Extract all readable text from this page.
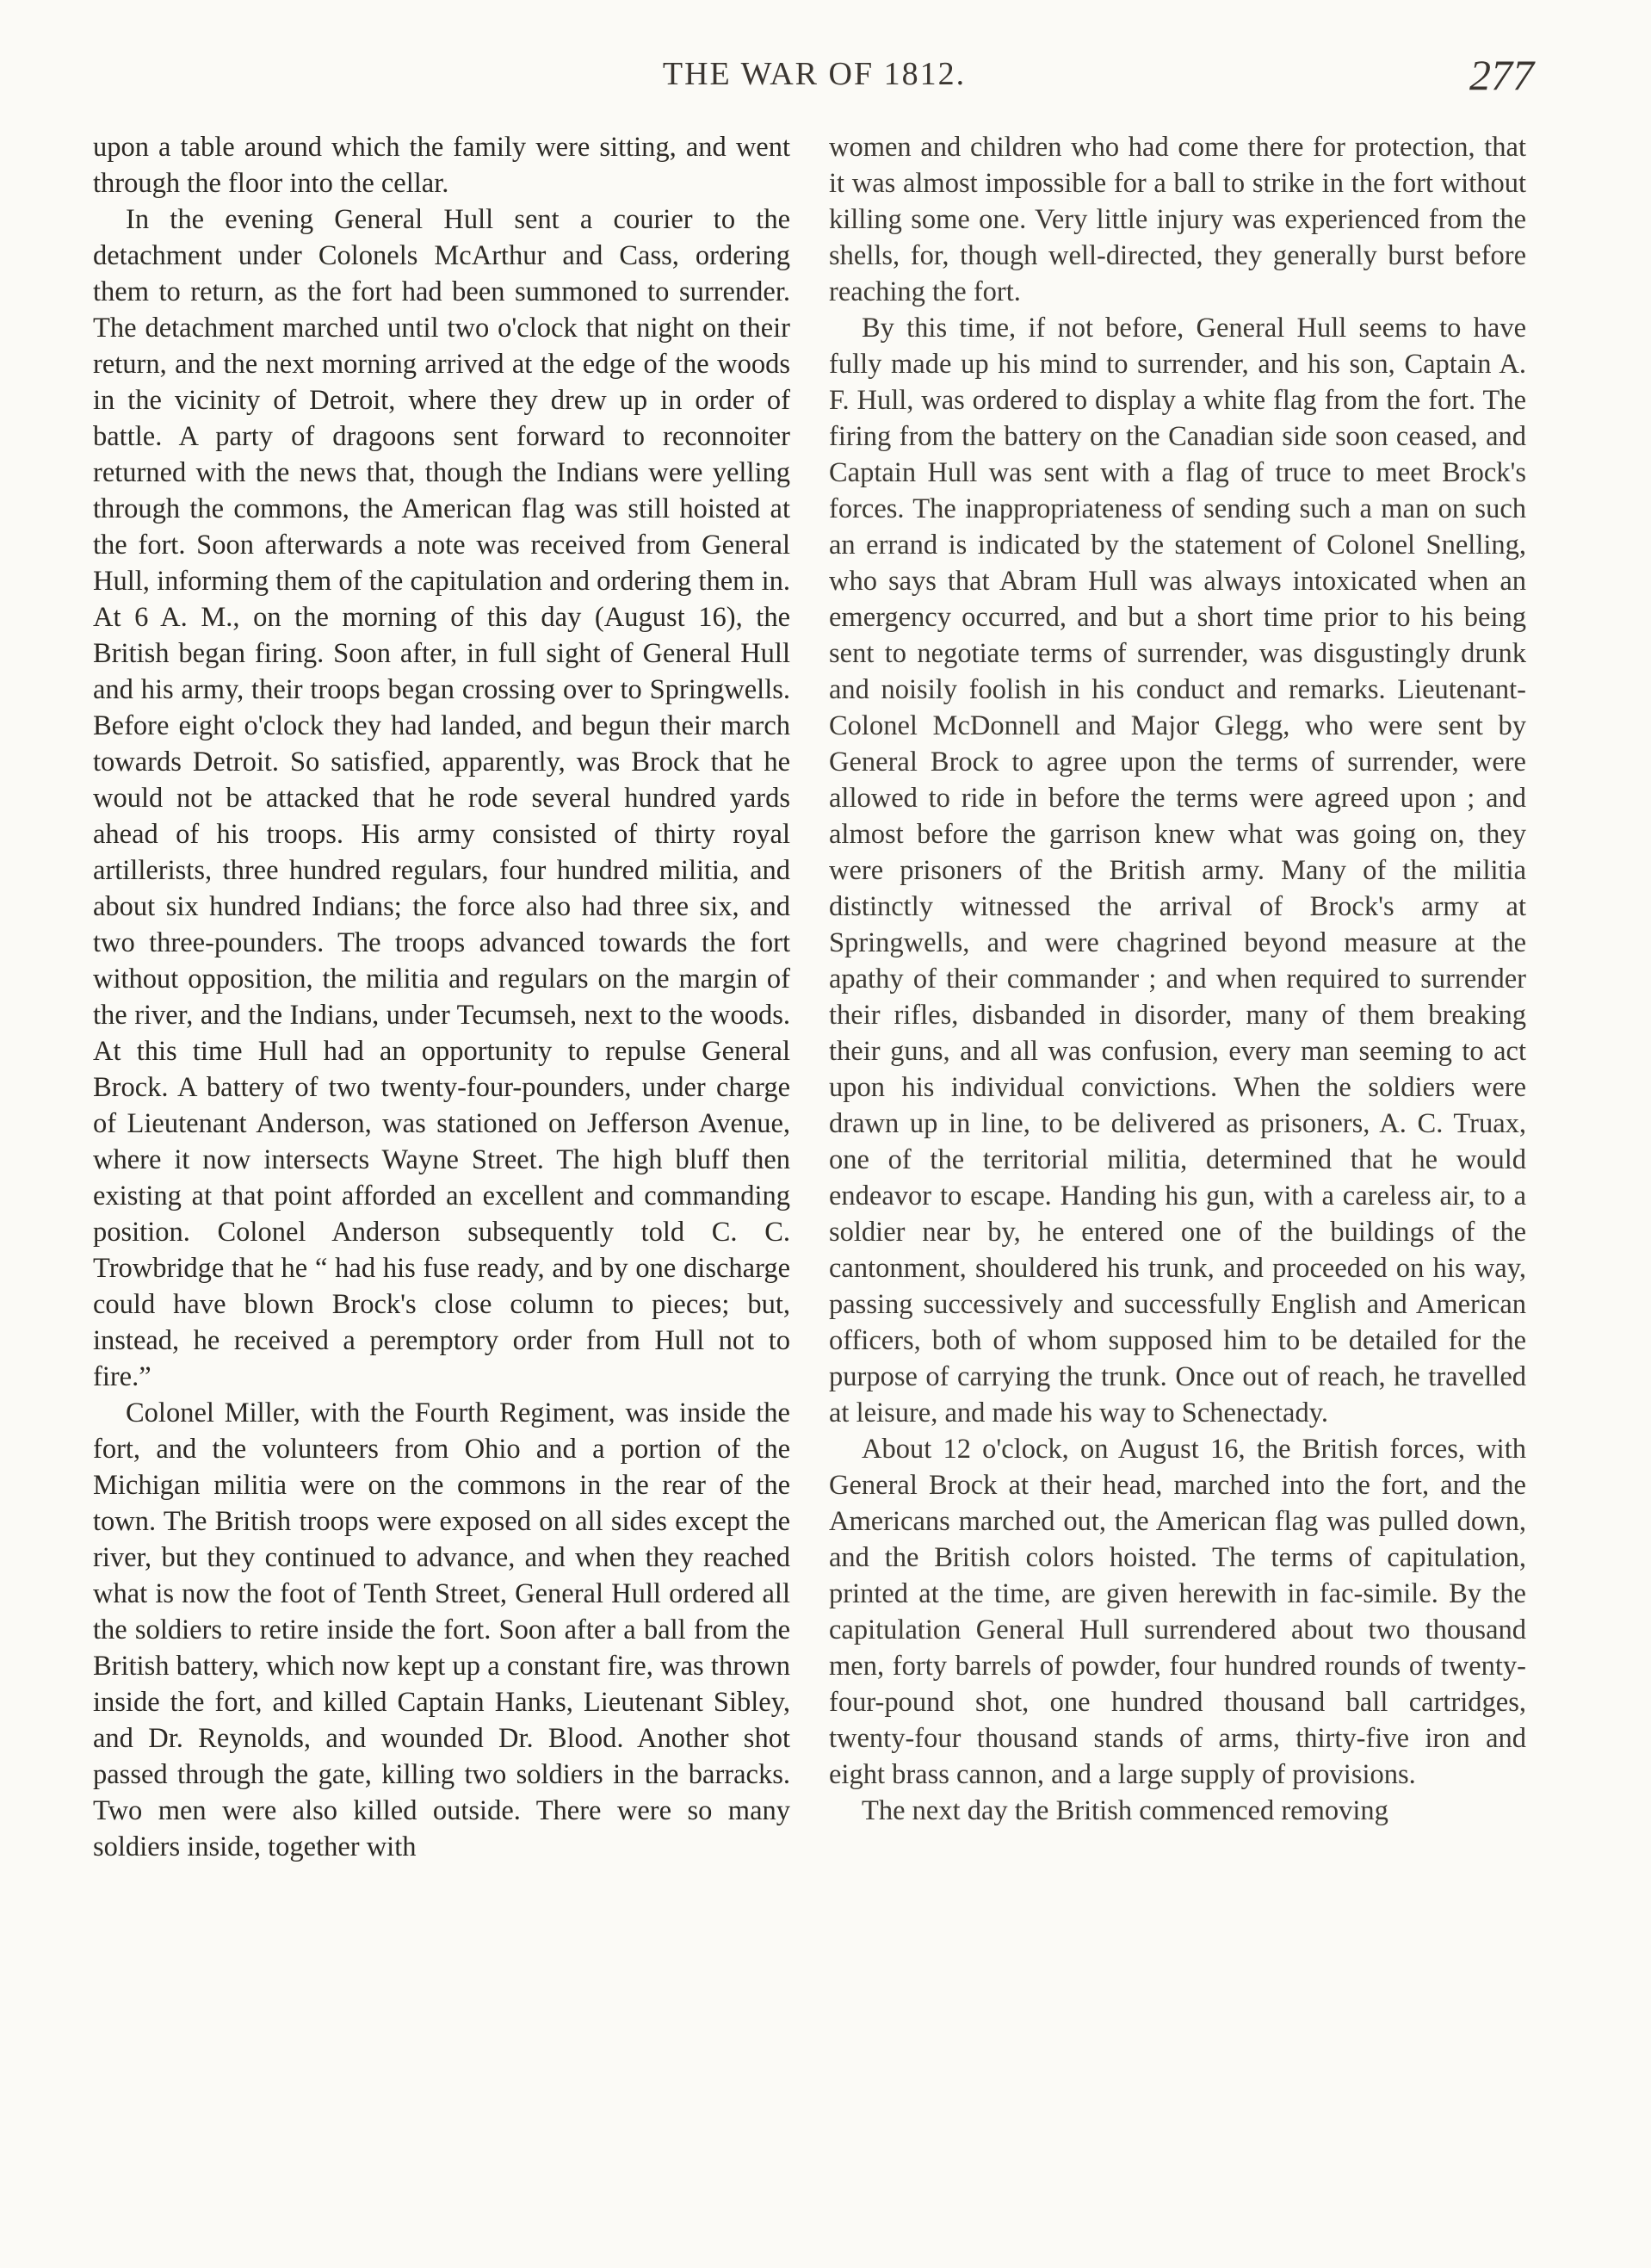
THE WAR OF 1812.	277

upon a table around which the family were sitting, and went through the floor into the cellar.

In the evening General Hull sent a courier to the detachment under Colonels McArthur and Cass, ordering them to return, as the fort had been summoned to surrender. The detachment marched until two o'clock that night on their return, and the next morning arrived at the edge of the woods in the vicinity of Detroit, where they drew up in order of battle. A party of dragoons sent forward to reconnoiter returned with the news that, though the Indians were yelling through the commons, the American flag was still hoisted at the fort. Soon afterwards a note was received from General Hull, informing them of the capitulation and ordering them in. At 6 A. M., on the morning of this day (August 16), the British began firing. Soon after, in full sight of General Hull and his army, their troops began crossing over to Springwells. Before eight o'clock they had landed, and begun their march towards Detroit. So satisfied, apparently, was Brock that he would not be attacked that he rode several hundred yards ahead of his troops. His army consisted of thirty royal artillerists, three hundred regulars, four hundred militia, and about six hundred Indians; the force also had three six, and two three-pounders. The troops advanced towards the fort without opposition, the militia and regulars on the margin of the river, and the Indians, under Tecumseh, next to the woods. At this time Hull had an opportunity to repulse General Brock. A battery of two twenty-four-pounders, under charge of Lieutenant Anderson, was stationed on Jefferson Avenue, where it now intersects Wayne Street. The high bluff then existing at that point afforded an excellent and commanding position. Colonel Anderson subsequently told C. C. Trowbridge that he “ had his fuse ready, and by one discharge could have blown Brock's close column to pieces; but, instead, he received a peremptory order from Hull not to fire.”

Colonel Miller, with the Fourth Regiment, was inside the fort, and the volunteers from Ohio and a portion of the Michigan militia were on the commons in the rear of the town. The British troops were exposed on all sides except the river, but they continued to advance, and when they reached what is now the foot of Tenth Street, General Hull ordered all the soldiers to retire inside the fort. Soon after a ball from the British battery, which now kept up a constant fire, was thrown inside the fort, and killed Captain Hanks, Lieutenant Sibley, and Dr. Reynolds, and wounded Dr. Blood. Another shot passed through the gate, killing two soldiers in the barracks. Two men were also killed outside. There were so many soldiers inside, together with

women and children who had come there for protection, that it was almost impossible for a ball to strike in the fort without killing some one. Very little injury was experienced from the shells, for, though well-directed, they generally burst before reaching the fort.

By this time, if not before, General Hull seems to have fully made up his mind to surrender, and his son, Captain A. F. Hull, was ordered to display a white flag from the fort. The firing from the battery on the Canadian side soon ceased, and Captain Hull was sent with a flag of truce to meet Brock's forces. The inappropriateness of sending such a man on such an errand is indicated by the statement of Colonel Snelling, who says that Abram Hull was always intoxicated when an emergency occurred, and but a short time prior to his being sent to negotiate terms of surrender, was disgustingly drunk and noisily foolish in his conduct and remarks. Lieutenant-Colonel McDonnell and Major Glegg, who were sent by General Brock to agree upon the terms of surrender, were allowed to ride in before the terms were agreed upon ; and almost before the garrison knew what was going on, they were prisoners of the British army. Many of the militia distinctly witnessed the arrival of Brock's army at Springwells, and were chagrined beyond measure at the apathy of their commander ; and when required to surrender their rifles, disbanded in disorder, many of them breaking their guns, and all was confusion, every man seeming to act upon his individual convictions. When the soldiers were drawn up in line, to be delivered as prisoners, A. C. Truax, one of the territorial militia, determined that he would endeavor to escape. Handing his gun, with a careless air, to a soldier near by, he entered one of the buildings of the cantonment, shouldered his trunk, and proceeded on his way, passing successively and successfully English and American officers, both of whom supposed him to be detailed for the purpose of carrying the trunk. Once out of reach, he travelled at leisure, and made his way to Schenectady.

About 12 o'clock, on August 16, the British forces, with General Brock at their head, marched into the fort, and the Americans marched out, the American flag was pulled down, and the British colors hoisted. The terms of capitulation, printed at the time, are given herewith in fac-simile. By the capitulation General Hull surrendered about two thousand men, forty barrels of powder, four hundred rounds of twenty-four-pound shot, one hundred thousand ball cartridges, twenty-four thousand stands of arms, thirty-five iron and eight brass cannon, and a large supply of provisions.

The next day the British commenced removing
